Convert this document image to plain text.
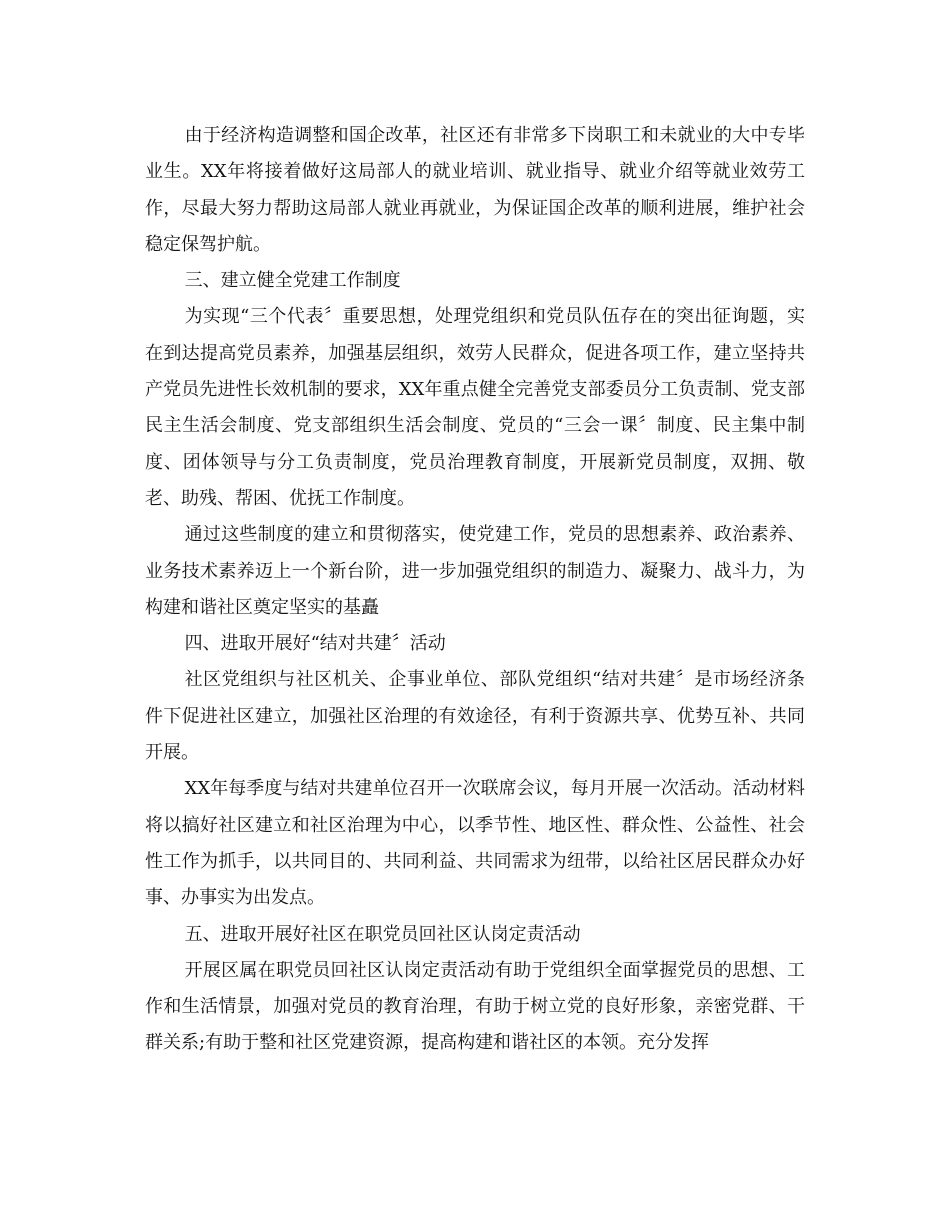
由于经济构造调整和国企改革，社区还有非常多下岗职工和未就业的大中专毕业生。XX年将接着做好这局部人的就业培训、就业指导、就业介绍等就业效劳工作，尽最大努力帮助这局部人就业再就业，为保证国企改革的顺利进展，维护社会稳定保驾护航。

三、建立健全党建工作制度

为实现“三个代表〞重要思想，处理党组织和党员队伍存在的突出征询题，实在到达提高党员素养，加强基层组织，效劳人民群众，促进各项工作，建立坚持共产党员先进性长效机制的要求，XX年重点健全完善党支部委员分工负责制、党支部民主生活会制度、党支部组织生活会制度、党员的“三会一课〞制度、民主集中制度、团体领导与分工负责制度，党员治理教育制度，开展新党员制度，双拥、敬老、助残、帮困、优抚工作制度。

通过这些制度的建立和贯彻落实，使党建工作，党员的思想素养、政治素养、业务技术素养迈上一个新台阶，进一步加强党组织的制造力、凝聚力、战斗力，为构建和谐社区奠定坚实的基矗

四、进取开展好“结对共建〞活动

社区党组织与社区机关、企事业单位、部队党组织“结对共建〞是市场经济条件下促进社区建立，加强社区治理的有效途径，有利于资源共享、优势互补、共同开展。

XX年每季度与结对共建单位召开一次联席会议，每月开展一次活动。活动材料将以搞好社区建立和社区治理为中心，以季节性、地区性、群众性、公益性、社会性工作为抓手，以共同目的、共同利益、共同需求为纽带，以给社区居民群众办好事、办事实为出发点。

五、进取开展好社区在职党员回社区认岗定责活动

开展区属在职党员回社区认岗定责活动有助于党组织全面掌握党员的思想、工作和生活情景，加强对党员的教育治理，有助于树立党的良好形象，亲密党群、干群关系;有助于整和社区党建资源，提高构建和谐社区的本领。充分发挥
